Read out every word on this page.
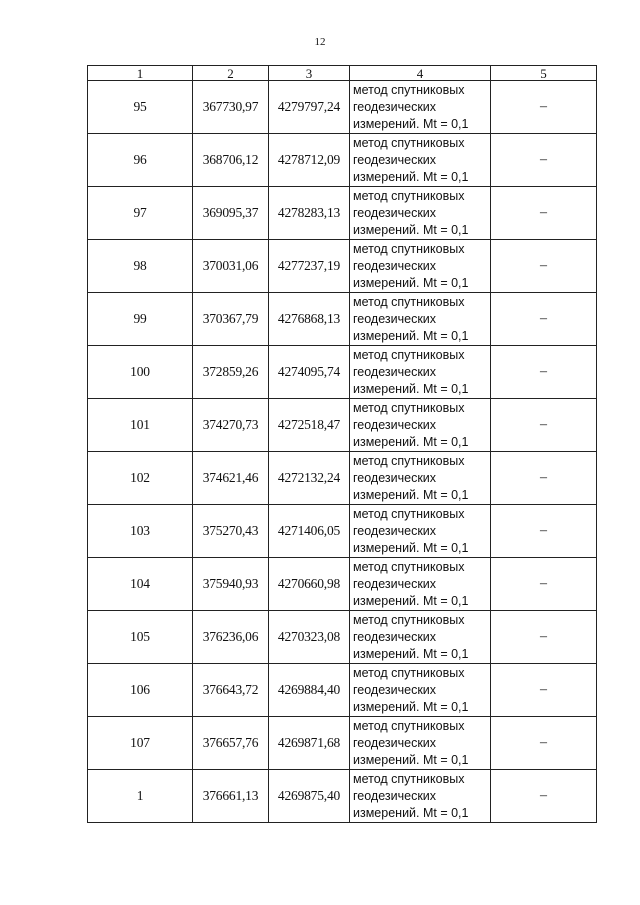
12
1	2	3	4	5
95	367730,97	4279797,24	метод спутниковых
геодезических
измерений. Mt = 0,1	–
96	368706,12	4278712,09	метод спутниковых
геодезических
измерений. Mt = 0,1	–
97	369095,37	4278283,13	метод спутниковых
геодезических
измерений. Mt = 0,1	–
98	370031,06	4277237,19	метод спутниковых
геодезических
измерений. Mt = 0,1	–
99	370367,79	4276868,13	метод спутниковых
геодезических
измерений. Mt = 0,1	–
100	372859,26	4274095,74	метод спутниковых
геодезических
измерений. Mt = 0,1	–
101	374270,73	4272518,47	метод спутниковых
геодезических
измерений. Mt = 0,1	–
102	374621,46	4272132,24	метод спутниковых
геодезических
измерений. Mt = 0,1	–
103	375270,43	4271406,05	метод спутниковых
геодезических
измерений. Mt = 0,1	–
104	375940,93	4270660,98	метод спутниковых
геодезических
измерений. Mt = 0,1	–
105	376236,06	4270323,08	метод спутниковых
геодезических
измерений. Mt = 0,1	–
106	376643,72	4269884,40	метод спутниковых
геодезических
измерений. Mt = 0,1	–
107	376657,76	4269871,68	метод спутниковых
геодезических
измерений. Mt = 0,1	–
1	376661,13	4269875,40	метод спутниковых
геодезических
измерений. Mt = 0,1	–
